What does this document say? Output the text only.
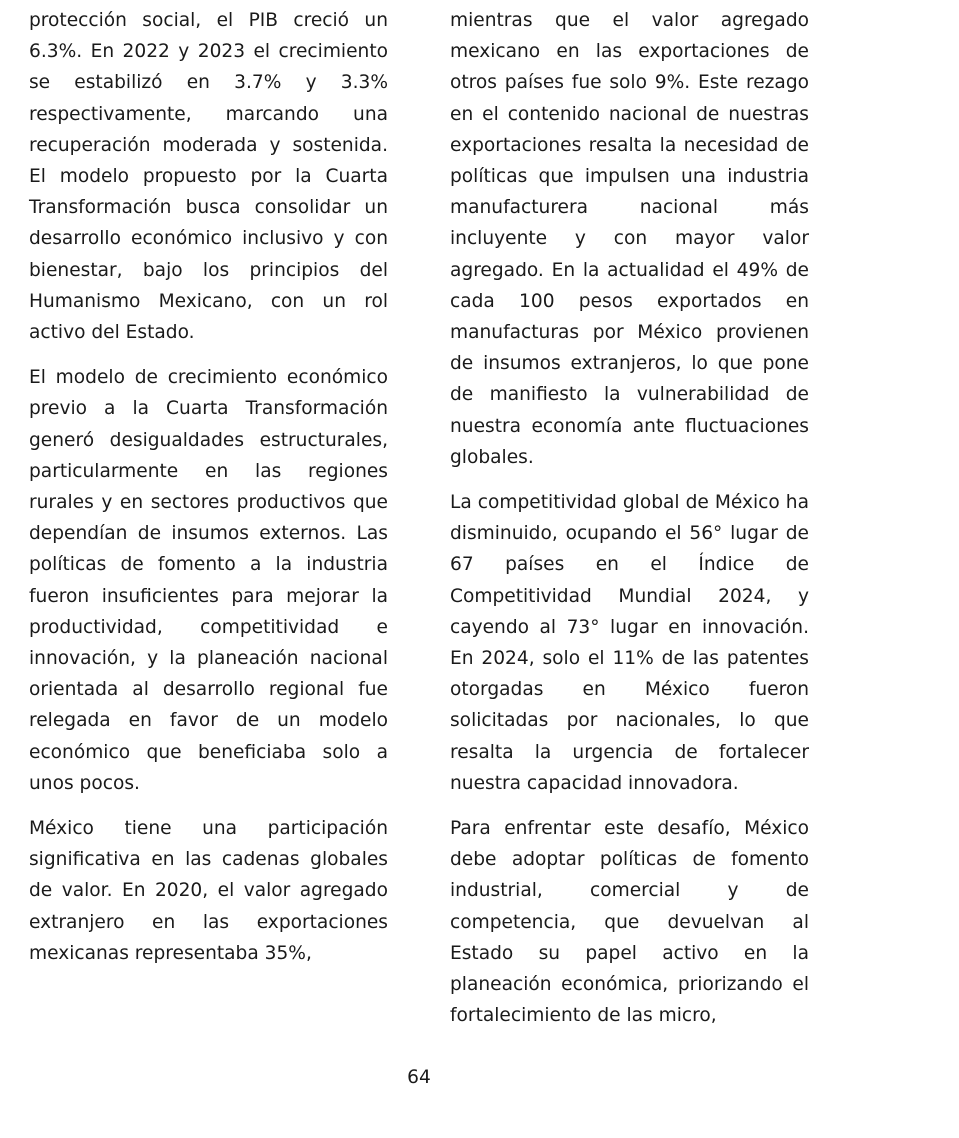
protección social, el PIB creció un 6.3%. En 2022 y 2023 el crecimiento se estabilizó en 3.7% y 3.3% respectivamente, marcando una recuperación moderada y sostenida. El modelo propuesto por la Cuarta Transformación busca consolidar un desarrollo económico inclusivo y con bienestar, bajo los principios del Humanismo Mexicano, con un rol activo del Estado.

El modelo de crecimiento económico previo a la Cuarta Transformación generó desigualdades estructurales, particularmente en las regiones rurales y en sectores productivos que dependían de insumos externos. Las políticas de fomento a la industria fueron insuficientes para mejorar la productividad, competitividad e innovación, y la planeación nacional orientada al desarrollo regional fue relegada en favor de un modelo económico que beneficiaba solo a unos pocos.

México tiene una participación significativa en las cadenas globales de valor. En 2020, el valor agregado extranjero en las exportaciones mexicanas representaba 35%,

mientras que el valor agregado mexicano en las exportaciones de otros países fue solo 9%. Este rezago en el contenido nacional de nuestras exportaciones resalta la necesidad de políticas que impulsen una industria manufacturera nacional más incluyente y con mayor valor agregado. En la actualidad el 49% de cada 100 pesos exportados en manufacturas por México provienen de insumos extranjeros, lo que pone de manifiesto la vulnerabilidad de nuestra economía ante fluctuaciones globales.

La competitividad global de México ha disminuido, ocupando el 56° lugar de 67 países en el Índice de Competitividad Mundial 2024, y cayendo al 73° lugar en innovación. En 2024, solo el 11% de las patentes otorgadas en México fueron solicitadas por nacionales, lo que resalta la urgencia de fortalecer nuestra capacidad innovadora.

Para enfrentar este desafío, México debe adoptar políticas de fomento industrial, comercial y de competencia, que devuelvan al Estado su papel activo en la planeación económica, priorizando el fortalecimiento de las micro,

64
